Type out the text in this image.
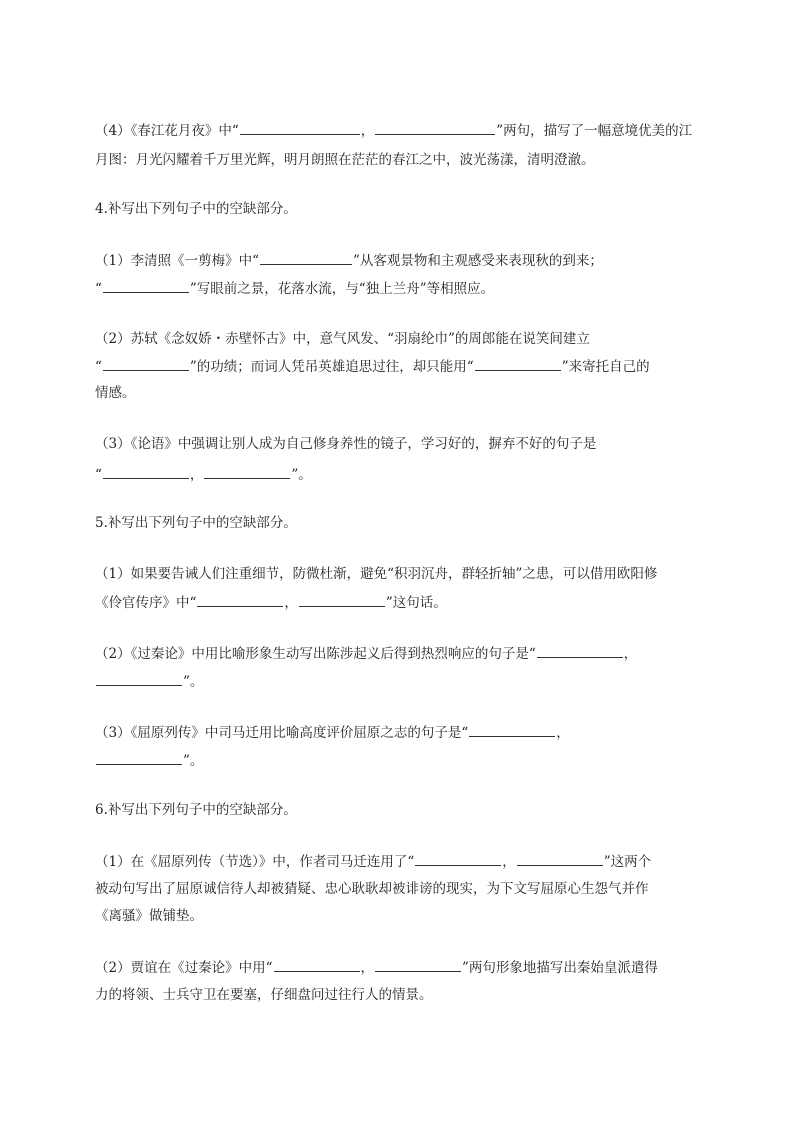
（4）《春江花月夜》中“	，	”两句，描写了一幅意境优美的江
月图：月光闪耀着千万里光辉，明月朗照在茫茫的春江之中，波光荡漾，清明澄澈。
4.补写出下列句子中的空缺部分。
（1）李清照《一剪梅》中“	”从客观景物和主观感受来表现秋的到来；
“	”写眼前之景，花落水流，与“独上兰舟”等相照应。
（2）苏轼《念奴娇・赤壁怀古》中，意气风发、“羽扇纶巾”的周郎能在说笑间建立
“	”的功绩；而词人凭吊英雄追思过往，却只能用“	”来寄托自己的
情感。
（3）《论语》中强调让别人成为自己修身养性的镜子，学习好的，摒弃不好的句子是
“	，	”。
5.补写出下列句子中的空缺部分。
（1）如果要告诫人们注重细节，防微杜渐，避免“积羽沉舟，群轻折轴”之患，可以借用欧阳修
《伶官传序》中“	，	”这句话。
（2）《过秦论》中用比喻形象生动写出陈涉起义后得到热烈响应的句子是“	，
”。
（3）《屈原列传》中司马迁用比喻高度评价屈原之志的句子是“	，
”。
6.补写出下列句子中的空缺部分。
（1）在《屈原列传（节选）》中，作者司马迁连用了“	，	”这两个
被动句写出了屈原诚信待人却被猜疑、忠心耿耿却被诽谤的现实，为下文写屈原心生怨气并作
《离骚》做铺垫。
（2）贾谊在《过秦论》中用“	，	”两句形象地描写出秦始皇派遣得
力的将领、士兵守卫在要塞，仔细盘问过往行人的情景。
